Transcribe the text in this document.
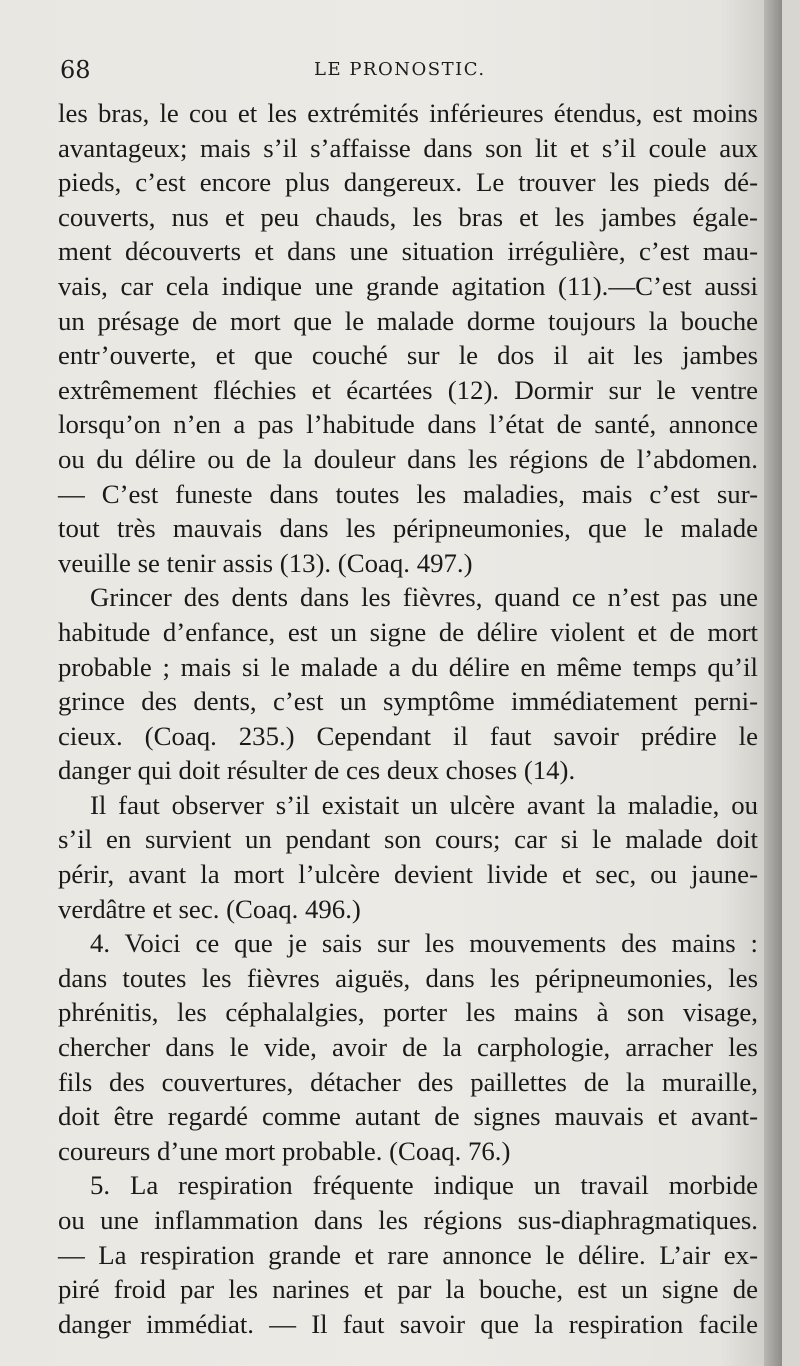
68	LE PRONOSTIC.
les bras, le cou et les extrémités inférieures étendus, est moins
avantageux; mais s’il s’affaisse dans son lit et s’il coule aux
pieds, c’est encore plus dangereux. Le trouver les pieds dé-
couverts, nus et peu chauds, les bras et les jambes égale-
ment découverts et dans une situation irrégulière, c’est mau-
vais, car cela indique une grande agitation (11).—C’est aussi
un présage de mort que le malade dorme toujours la bouche
entr’ouverte, et que couché sur le dos il ait les jambes
extrêmement fléchies et écartées (12). Dormir sur le ventre
lorsqu’on n’en a pas l’habitude dans l’état de santé, annonce
ou du délire ou de la douleur dans les régions de l’abdomen.
— C’est funeste dans toutes les maladies, mais c’est sur-
tout très mauvais dans les péripneumonies, que le malade
veuille se tenir assis (13). (Coaq. 497.)
Grincer des dents dans les fièvres, quand ce n’est pas une
habitude d’enfance, est un signe de délire violent et de mort
probable ; mais si le malade a du délire en même temps qu’il
grince des dents, c’est un symptôme immédiatement perni-
cieux. (Coaq. 235.) Cependant il faut savoir prédire le
danger qui doit résulter de ces deux choses (14).
Il faut observer s’il existait un ulcère avant la maladie, ou
s’il en survient un pendant son cours; car si le malade doit
périr, avant la mort l’ulcère devient livide et sec, ou jaune-
verdâtre et sec. (Coaq. 496.)
4. Voici ce que je sais sur les mouvements des mains :
dans toutes les fièvres aiguës, dans les péripneumonies, les
phrénitis, les céphalalgies, porter les mains à son visage,
chercher dans le vide, avoir de la carphologie, arracher les
fils des couvertures, détacher des paillettes de la muraille,
doit être regardé comme autant de signes mauvais et avant-
coureurs d’une mort probable. (Coaq. 76.)
5. La respiration fréquente indique un travail morbide
ou une inflammation dans les régions sus-diaphragmatiques.
— La respiration grande et rare annonce le délire. L’air ex-
piré froid par les narines et par la bouche, est un signe de
danger immédiat. — Il faut savoir que la respiration facile
